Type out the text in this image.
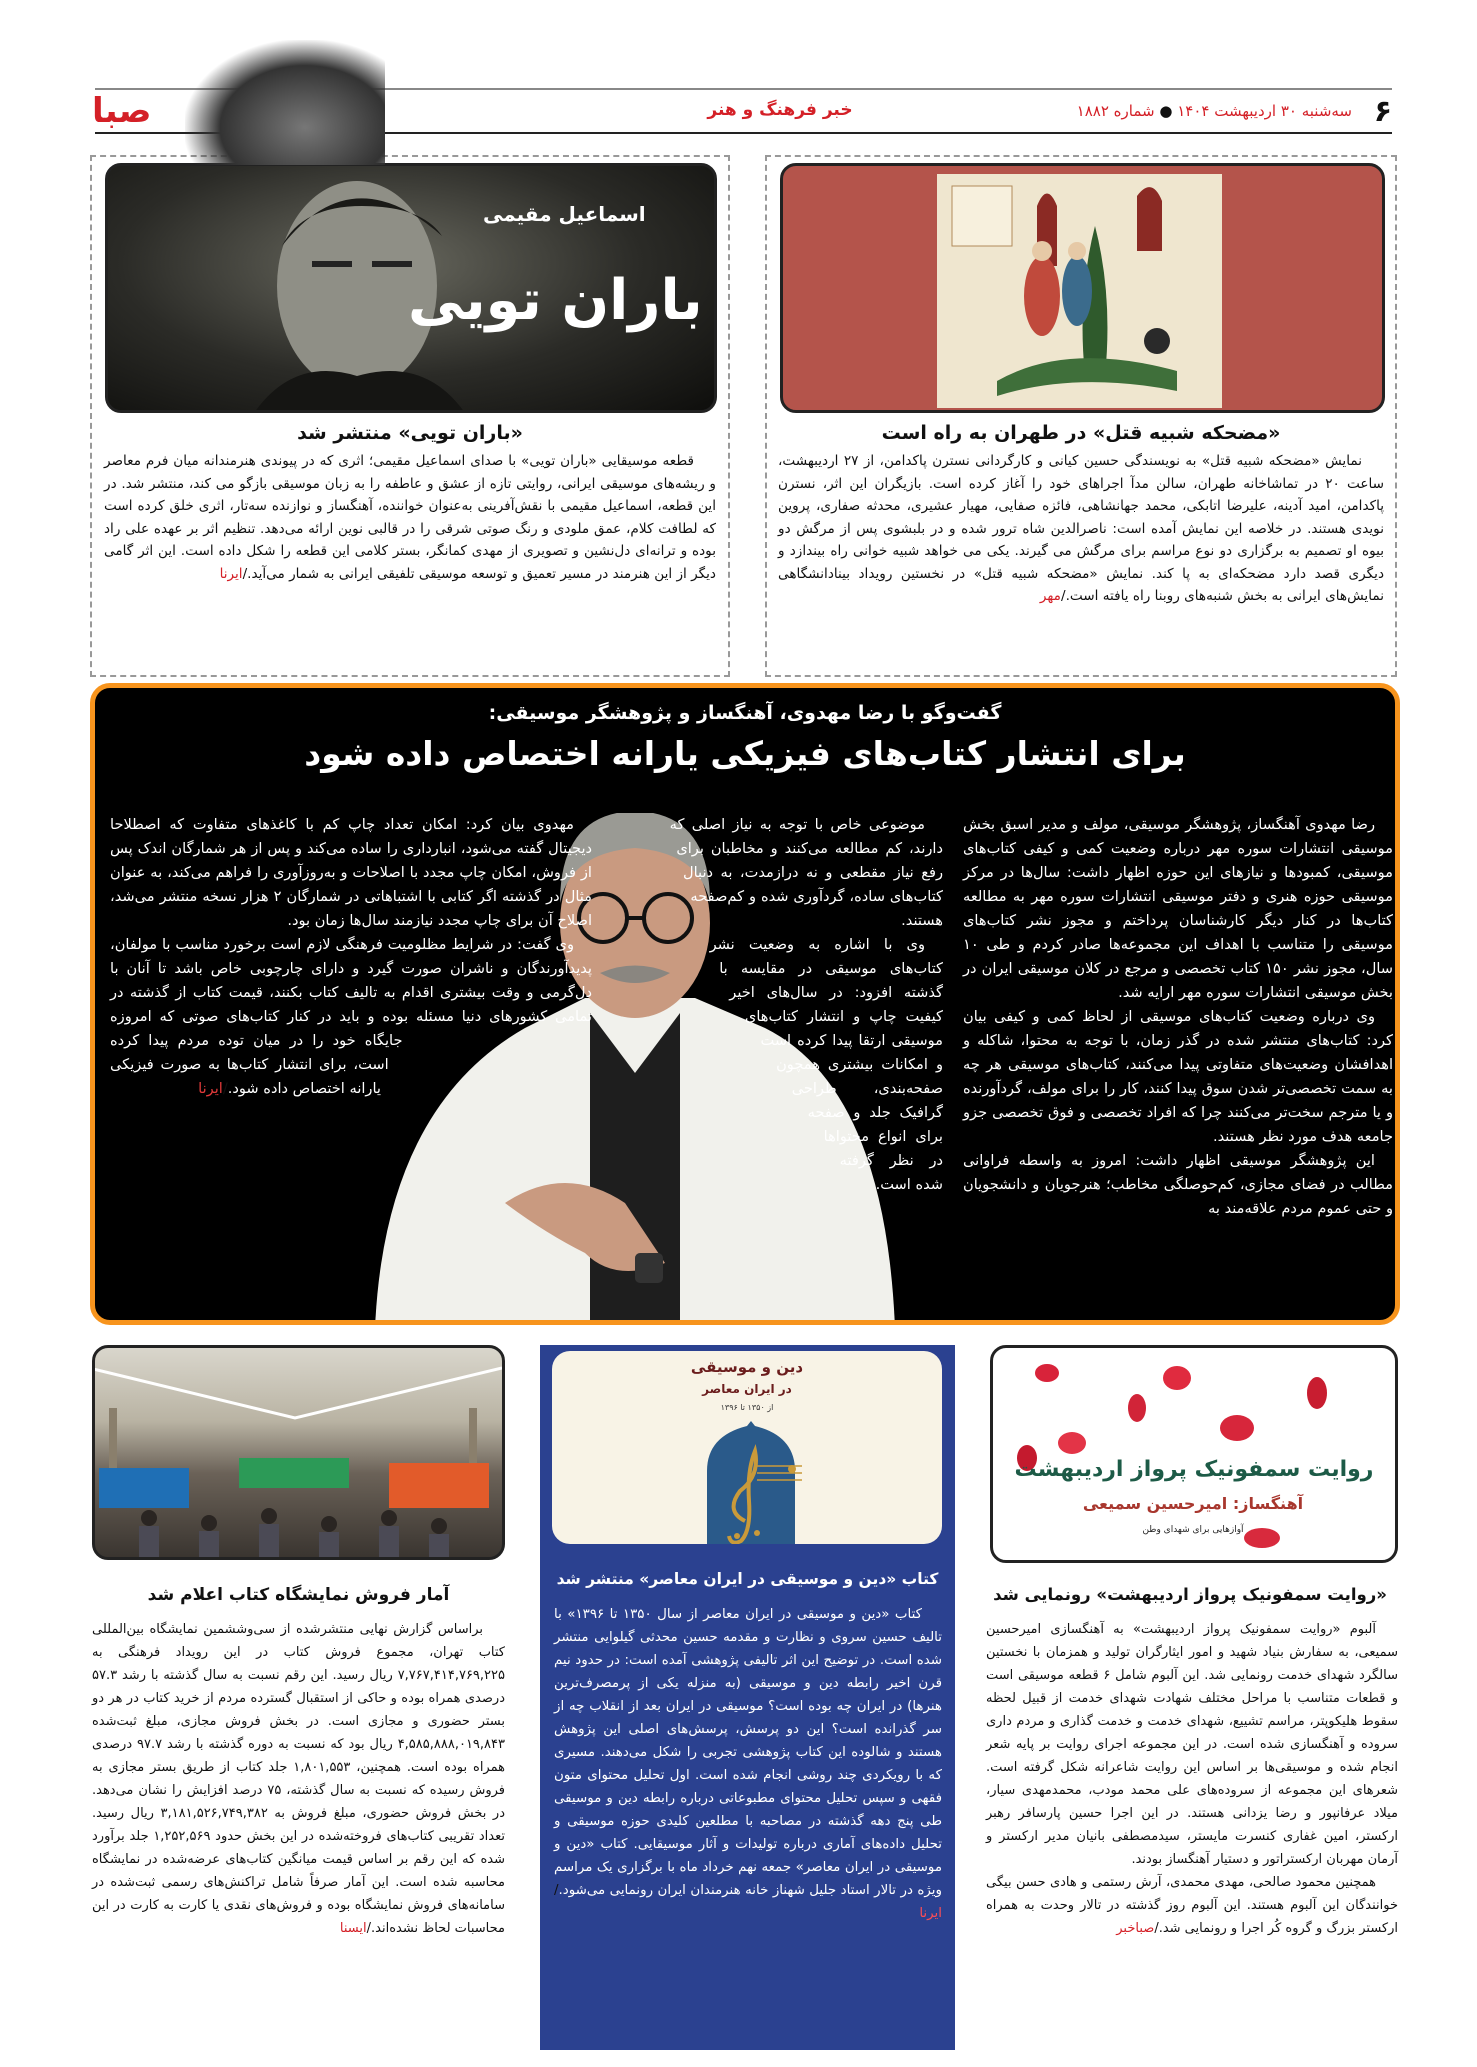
۶
سه‌شنبه ۳۰ اردیبهشت ۱۴۰۴ ● شماره ۱۸۸۲
خبر فرهنگ و هنر
صبا
«مضحکه شبیه قتل» در طهران به راه است

نمایش «مضحکه شبیه قتل» به نویسندگی حسین کیانی و کارگردانی نسترن پاکدامن، از ۲۷ اردیبهشت، ساعت ۲۰ در تماشاخانه طهران، سالن مدآ اجراهای خود را آغاز کرده است. بازیگران این اثر، نسترن پاکدامن، امید آدینه، علیرضا اتابکی، محمد جهانشاهی، فائزه صفایی، مهیار عشیری، محدثه صفاری، پروین نویدی هستند. در خلاصه این نمایش آمده است: ناصرالدین شاه ترور شده و در بلبشوی پس از مرگش دو بیوه او تصمیم به برگزاری دو نوع مراسم برای مرگش می گیرند. یکی می خواهد شبیه خوانی راه بیندازد و دیگری قصد دارد مضحکه‌ای به پا کند. نمایش «مضحکه شبیه قتل» در نخستین رویداد بینادانشگاهی نمایش‌های ایرانی به بخش شنبه‌های روبنا راه یافته است./ مهر

اسماعیل مقیمی
باران تویی
«باران تویی» منتشر شد

قطعه موسیقایی «باران تویی» با صدای اسماعیل مقیمی؛ اثری که در پیوندی هنرمندانه میان فرم معاصر و ریشه‌های موسیقی ایرانی، روایتی تازه از عشق و عاطفه را به زبان موسیقی بازگو می کند، منتشر شد. در این قطعه، اسماعیل مقیمی با نقش‌آفرینی به‌عنوان خواننده، آهنگساز و نوازنده سه‌تار، اثری خلق کرده است که لطافت کلام، عمق ملودی و رنگ صوتی شرقی را در قالبی نوین ارائه می‌دهد. تنظیم اثر بر عهده علی راد بوده و ترانه‌ای دل‌نشین و تصویری از مهدی کمانگر، بستر کلامی این قطعه را شکل داده است. این اثر گامی دیگر از این هنرمند در مسیر تعمیق و توسعه موسیقی تلفیقی ایرانی به شمار می‌آید./ ایرنا

گفت‌وگو با رضا مهدوی، آهنگساز و پژوهشگر موسیقی:
برای انتشار کتاب‌های فیزیکی یارانه اختصاص داده شود

رضا مهدوی آهنگساز، پژوهشگر موسیقی، مولف و مدیر اسبق بخش موسیقی انتشارات سوره مهر درباره وضعیت کمی و کیفی کتاب‌های موسیقی، کمبودها و نیازهای این حوزه اظهار داشت: سال‌ها در مرکز موسیقی حوزه هنری و دفتر موسیقی انتشارات سوره مهر به مطالعه کتاب‌ها در کنار دیگر کارشناسان پرداختم و مجوز نشر کتاب‌های موسیقی را متناسب با اهداف این مجموعه‌ها صادر کردم و طی ۱۰ سال، مجوز نشر ۱۵۰ کتاب تخصصی و مرجع در کلان موسیقی ایران در بخش موسیقی انتشارات سوره مهر ارایه شد.

وی درباره وضعیت کتاب‌های موسیقی از لحاظ کمی و کیفی بیان کرد: کتاب‌های منتشر شده در گذر زمان، با توجه به محتوا، شاکله و اهدافشان وضعیت‌های متفاوتی پیدا می‌کنند، کتاب‌های موسیقی هر چه به سمت تخصصی‌تر شدن سوق پیدا کنند، کار را برای مولف، گردآورنده و یا مترجم سخت‌تر می‌کنند چرا که افراد تخصصی و فوق تخصصی جزو جامعه هدف مورد نظر هستند.

این پژوهشگر موسیقی اظهار داشت: امروز به واسطه فراوانی مطالب در فضای مجازی، کم‌حوصلگی مخاطب؛ هنرجویان و دانشجویان و حتی عموم مردم علاقه‌مند به

موضوعی خاص با توجه به نیاز اصلی که دارند، کم مطالعه می‌کنند و مخاطبان برای رفع نیاز مقطعی و نه درازمدت، به دنبال کتاب‌های ساده، گردآوری شده و کم‌صفحه هستند.

وی با اشاره به وضعیت نشر کتاب‌های موسیقی در مقایسه با گذشته افزود: در سال‌های اخیر کیفیت چاپ و انتشار کتاب‌های موسیقی ارتقا پیدا کرده است و امکانات بیشتری همچون صفحه‌بندی، طراحی گرافیک جلد و صفحه برای انواع محتواها در نظر گرفته شده است.

مهدوی بیان کرد: امکان تعداد چاپ کم با کاغذهای متفاوت که اصطلاحا دیجیتال گفته می‌شود، انبارداری را ساده می‌کند و پس از هر شمارگان اندک پس از فروش، امکان چاپ مجدد با اصلاحات و به‌روزآوری را فراهم می‌کند، به عنوان مثال در گذشته اگر کتابی با اشتباهاتی در شمارگان ۲ هزار نسخه منتشر می‌شد، اصلاح آن برای چاپ مجدد نیازمند سال‌ها زمان بود.

وی گفت: در شرایط مظلومیت فرهنگی لازم است برخورد مناسب با مولفان، پدیدآورندگان و ناشران صورت گیرد و دارای چارچوبی خاص باشد تا آنان با دل‌گرمی و وقت بیشتری اقدام به تالیف کتاب بکنند، قیمت کتاب از گذشته در تمامی کشورهای دنیا مسئله بوده و باید در کنار کتاب‌های صوتی که امروزه جایگاه خود را در میان توده مردم پیدا کرده است، برای انتشار کتاب‌ها به صورت فیزیکی یارانه اختصاص داده شود./ ایرنا

روایت سمفونیک پرواز اردیبهشت
آهنگساز: امیرحسین سمیعی
آوازهایی برای شهدای وطن
«روایت سمفونیک پرواز اردیبهشت» رونمایی شد

آلبوم «روایت سمفونیک پرواز اردیبهشت» به آهنگسازی امیرحسین سمیعی، به سفارش بنیاد شهید و امور ایثارگران تولید و همزمان با نخستین سالگرد شهدای خدمت رونمایی شد. این آلبوم شامل ۶ قطعه موسیقی است و قطعات متناسب با مراحل مختلف شهادت شهدای خدمت از قبیل لحظه سقوط هلیکوپتر، مراسم تشییع، شهدای خدمت و خدمت گذاری و مردم داری سروده و آهنگسازی شده است. در این مجموعه اجرای روایت بر پایه شعر انجام شده و موسیقی‌ها بر اساس این روایت شاعرانه شکل گرفته است. شعرهای این مجموعه از سروده‌های علی محمد مودب، محمدمهدی سیار، میلاد عرفانپور و رضا یزدانی هستند. در این اجرا حسین پارسافر رهبر ارکستر، امین غفاری کنسرت مایستر، سیدمصطفی بانیان مدیر ارکستر و آرمان مهربان ارکستراتور و دستیار آهنگساز بودند.

همچنین محمود صالحی، مهدی محمدی، آرش رستمی و هادی حسن بیگی خوانندگان این آلبوم هستند. این آلبوم روز گذشته در تالار وحدت به همراه ارکستر بزرگ و گروه کُر اجرا و رونمایی شد./ صباخبر

دین و موسیقی
در ایران معاصر
از ۱۳۵۰ تا ۱۳۹۶
کتاب «دین و موسیقی در ایران معاصر» منتشر شد
کتاب «دین و موسیقی در ایران معاصر از سال ۱۳۵۰ تا ۱۳۹۶» با تالیف حسین سروی و نظارت و مقدمه حسین محدثی گیلوایی منتشر شده است. در توضیح این اثر تالیفی پژوهشی آمده است: در حدود نیم قرن اخیر رابطه دین و موسیقی (به منزله یکی از پرمصرف‌ترین هنرها) در ایران چه بوده است؟ موسیقی در ایران بعد از انقلاب چه از سر گذرانده است؟ این دو پرسش، پرسش‌های اصلی این پژوهش هستند و شالوده این کتاب پژوهشی تجربی را شکل می‌دهند. مسیری که با رویکردی چند روشی انجام شده است. اول تحلیل محتوای متون فقهی و سپس تحلیل محتوای مطبوعاتی درباره رابطه دین و موسیقی طی پنج دهه گذشته در مصاحبه با مطلعین کلیدی حوزه موسیقی و تحلیل داده‌های آماری درباره تولیدات و آثار موسیقایی. کتاب «دین و موسیقی در ایران معاصر» جمعه نهم خرداد ماه با برگزاری یک مراسم ویژه در تالار استاد جلیل شهناز خانه هنرمندان ایران رونمایی می‌شود./ ایرنا
آمار فروش نمایشگاه کتاب اعلام شد

براساس گزارش نهایی منتشرشده از سی‌وششمین نمایشگاه بین‌المللی کتاب تهران، مجموع فروش کتاب در این رویداد فرهنگی به ۷,۷۶۷,۴۱۴,۷۶۹,۲۲۵ ریال رسید. این رقم نسبت به سال گذشته با رشد ۵۷.۳ درصدی همراه بوده و حاکی از استقبال گسترده مردم از خرید کتاب در هر دو بستر حضوری و مجازی است. در بخش فروش مجازی، مبلغ ثبت‌شده ۴,۵۸۵,۸۸۸,۰۱۹,۸۴۳ ریال بود که نسبت به دوره گذشته با رشد ۹۷.۷ درصدی همراه بوده است. همچنین، ۱,۸۰۱,۵۵۳ جلد کتاب از طریق بستر مجازی به فروش رسیده که نسبت به سال گذشته، ۷۵ درصد افزایش را نشان می‌دهد. در بخش فروش حضوری، مبلغ فروش به ۳,۱۸۱,۵۲۶,۷۴۹,۳۸۲ ریال رسید. تعداد تقریبی کتاب‌های فروخته‌شده در این بخش حدود ۱,۲۵۲,۵۶۹ جلد برآورد شده که این رقم بر اساس قیمت میانگین کتاب‌های عرضه‌شده در نمایشگاه محاسبه شده است. این آمار صرفاً شامل تراکنش‌های رسمی ثبت‌شده در سامانه‌های فروش نمایشگاه بوده و فروش‌های نقدی یا کارت به کارت در این محاسبات لحاظ نشده‌اند./ ایسنا
